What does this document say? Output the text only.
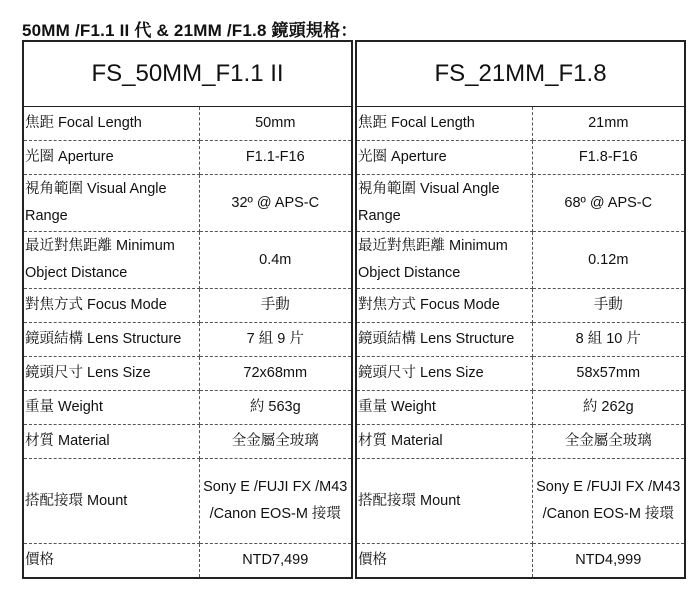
50MM /F1.1 II 代 & 21MM /F1.8 鏡頭規格：
FS_50MM_F1.1 II	
焦距 Focal Length	50mm
光圈 Aperture	F1.1-F16
視角範圍 Visual Angle Range	32º @ APS-C
最近對焦距離 Minimum Object Distance	0.4m
對焦方式 Focus Mode	手動
鏡頭結構 Lens Structure	7 組 9 片
鏡頭尺寸 Lens Size	72x68mm
重量 Weight	約 563g
材質 Material	全金屬全玻璃
搭配接環 Mount	Sony E /FUJI FX /M43 /Canon EOS-M 接環
價格	NTD7,499
FS_21MM_F1.8	
焦距 Focal Length	21mm
光圈 Aperture	F1.8-F16
視角範圍 Visual Angle Range	68º @ APS-C
最近對焦距離 Minimum Object Distance	0.12m
對焦方式 Focus Mode	手動
鏡頭結構 Lens Structure	8 組 10 片
鏡頭尺寸 Lens Size	58x57mm
重量 Weight	約 262g
材質 Material	全金屬全玻璃
搭配接環 Mount	Sony E /FUJI FX /M43 /Canon EOS-M 接環
價格	NTD4,999
